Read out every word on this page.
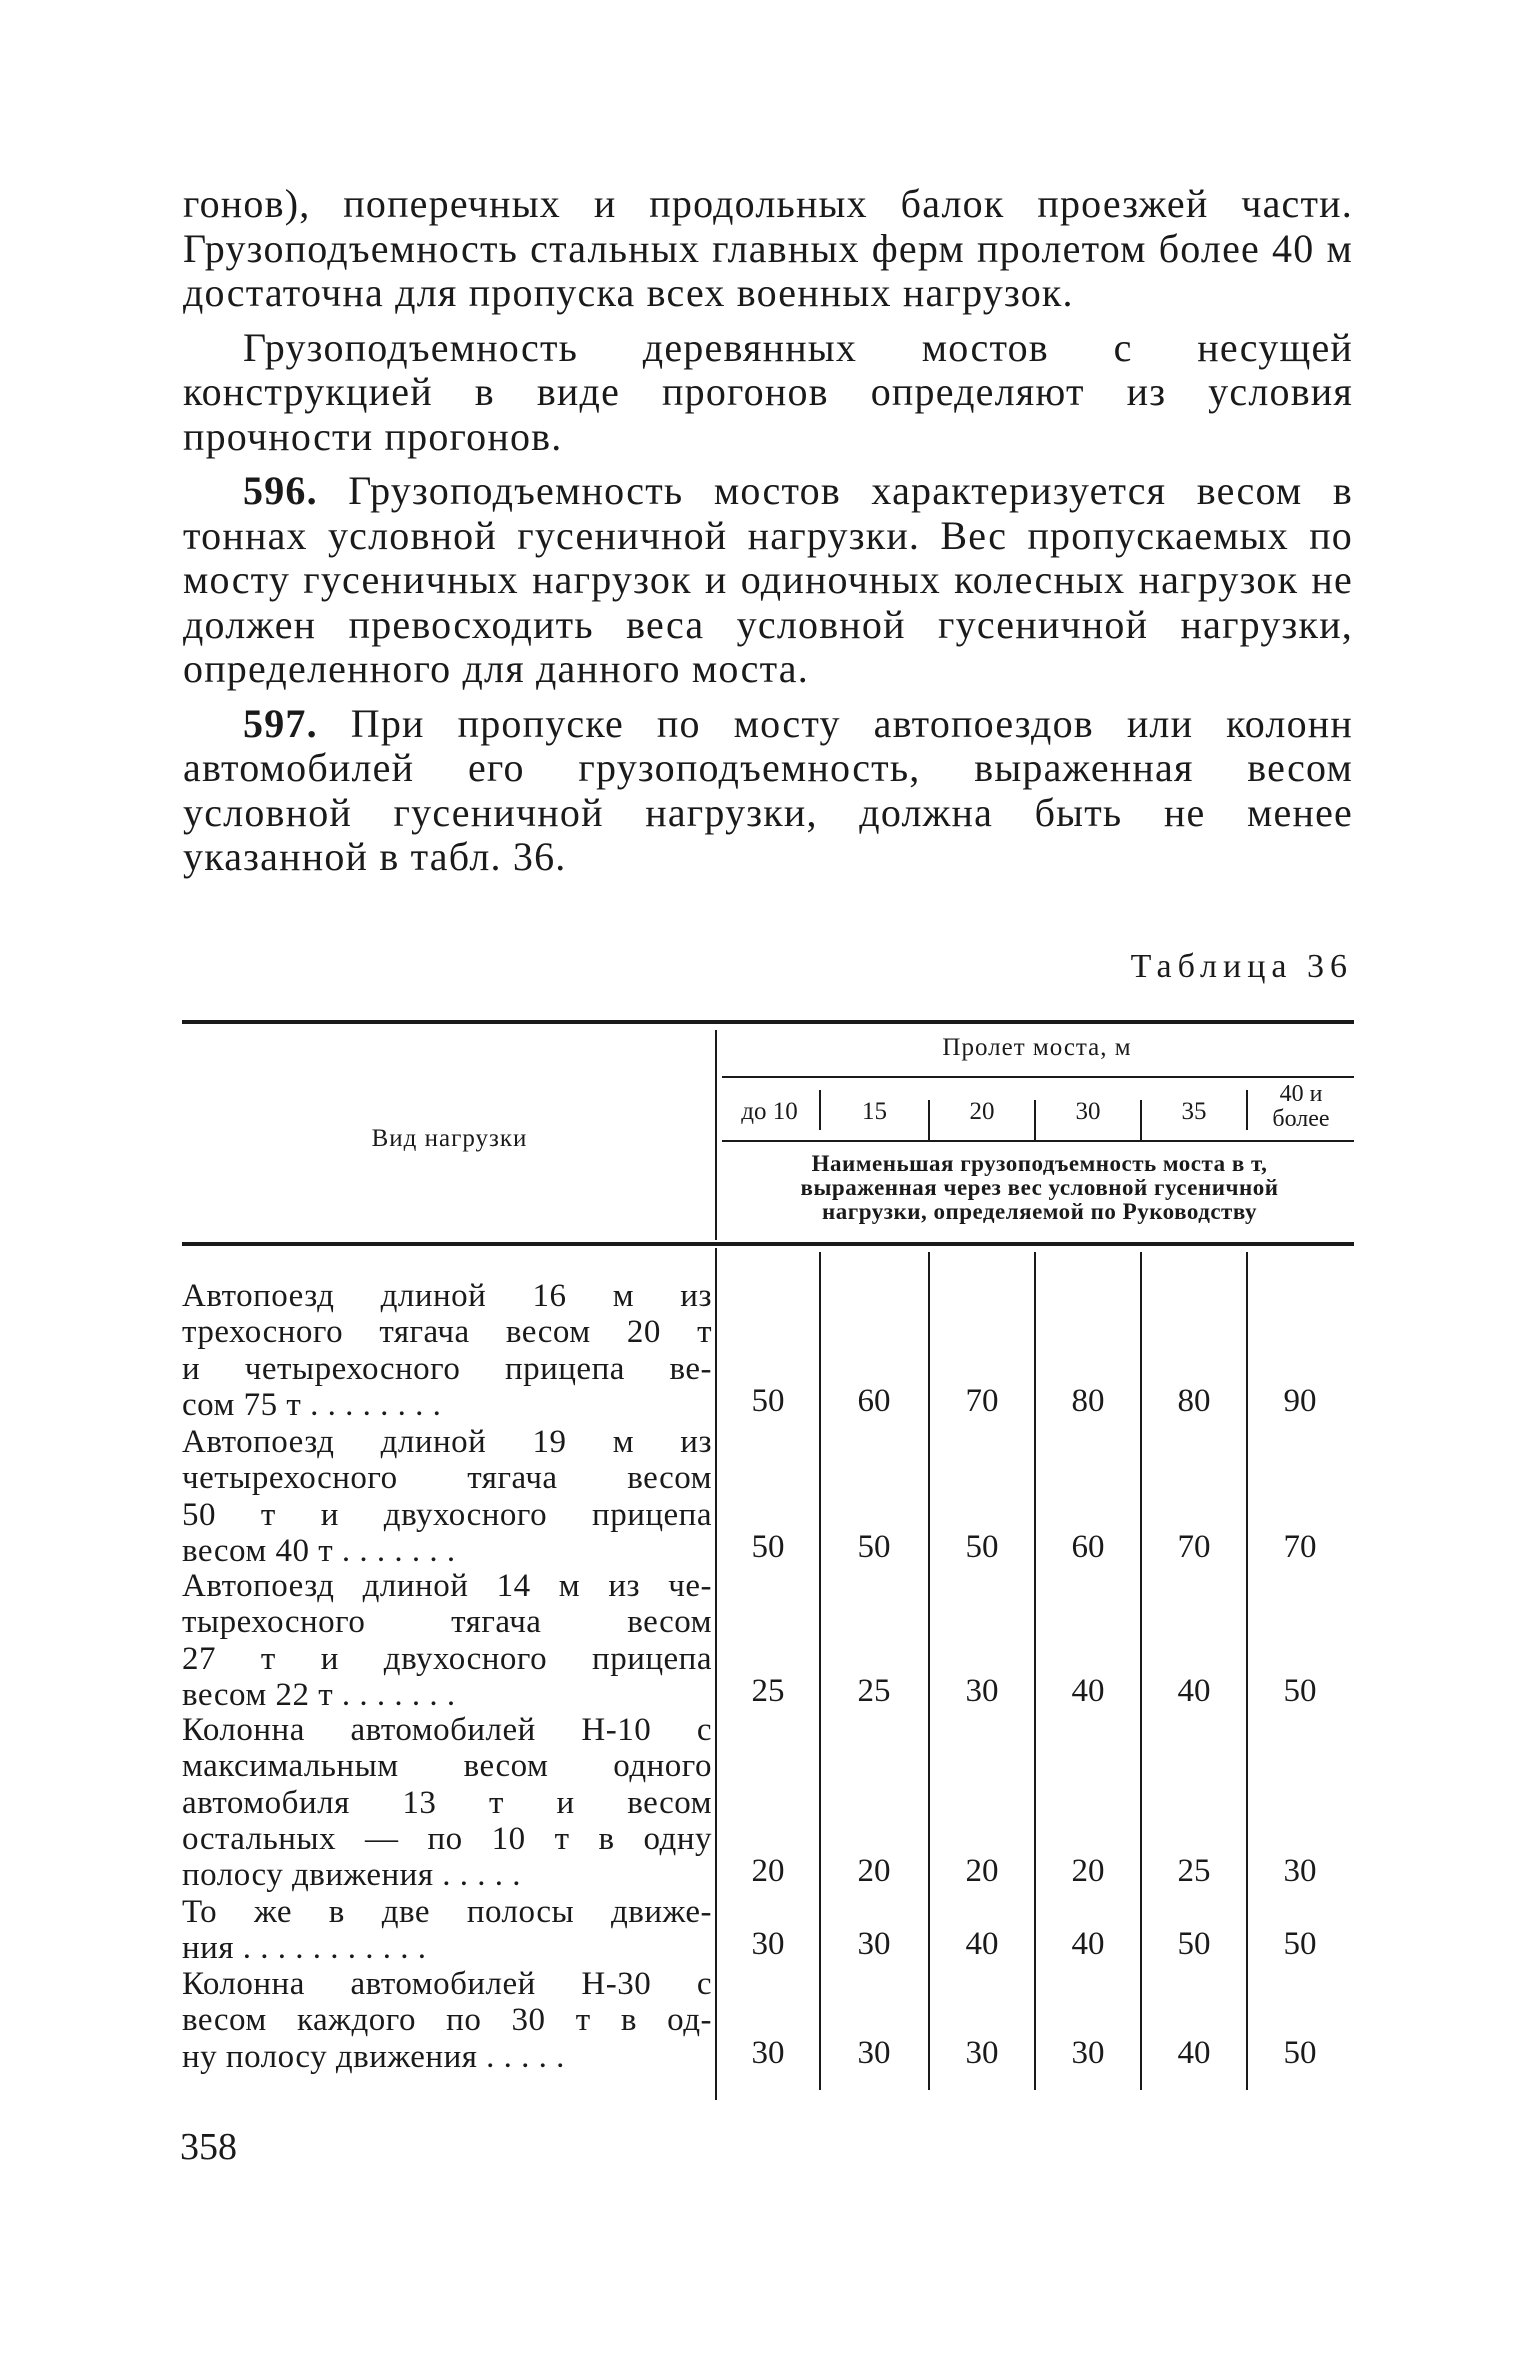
гонов), поперечных и продольных балок проезжей части. Грузоподъемность стальных главных ферм пролетом более 40 м достаточна для пропуска всех военных нагрузок.

Грузоподъемность деревянных мостов с несущей конструкцией в виде прогонов определяют из условия прочности прогонов.

596. Грузоподъемность мостов характеризуется весом в тоннах условной гусеничной нагрузки. Вес пропускаемых по мосту гусеничных нагрузок и одиночных колесных нагрузок не должен превосходить веса условной гусеничной нагрузки, определенного для данного моста.

597. При пропуске по мосту автопоездов или колонн автомобилей его грузоподъемность, выраженная весом условной гусеничной нагрузки, должна быть не менее указанной в табл. 36.

Таблица 36
Вид нагрузки
Пролет моста, м
до 10	15	20	30	35
40 и
более
Наименьшая грузоподъемность моста в т,
выраженная через вес условной гусеничной
нагрузки, определяемой по Руководству
Автопоезд длиной 16 м из
трехосного тягача весом 20 т
и четырехосного прицепа ве-
сом 75 т . . . . . . . .	50	60	70	80	80	90
Автопоезд длиной 19 м из
четырехосного тягача весом
50 т и двухосного прицепа
весом 40 т . . . . . . .	50	50	50	60	70	70
Автопоезд длиной 14 м из че-
тырехосного тягача весом
27 т и двухосного прицепа
весом 22 т . . . . . . .	25	25	30	40	40	50
Колонна автомобилей Н-10 с
максимальным весом одного
автомобиля 13 т и весом
остальных — по 10 т в одну
полосу движения . . . . .	20	20	20	20	25	30
То же в две полосы движе-
ния . . . . . . . . . . .	30	30	40	40	50	50
Колонна автомобилей Н-30 с
весом каждого по 30 т в од-
ну полосу движения . . . . .	30	30	30	30	40	50
358
